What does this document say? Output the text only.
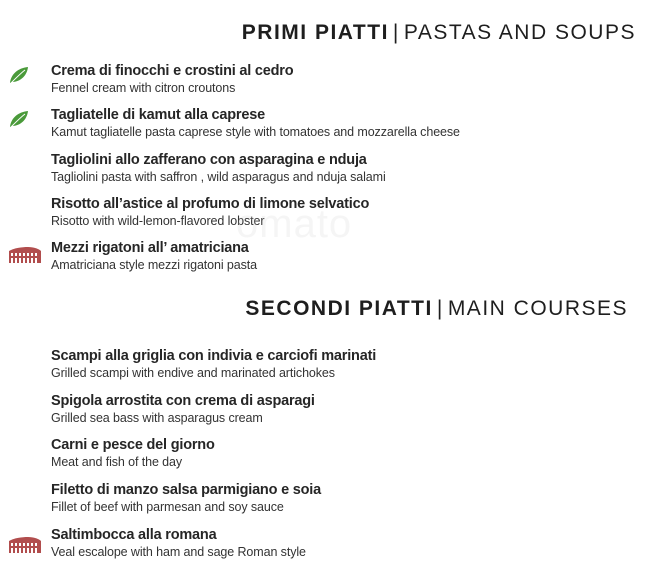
PRIMI PIATTI | PASTAS AND SOUPS
Crema di finocchi e crostini al cedro
Fennel cream with citron croutons
Tagliatelle di kamut alla caprese
Kamut tagliatelle pasta caprese style with tomatoes and mozzarella cheese
Tagliolini allo zafferano con asparagina e nduja
Tagliolini pasta with saffron , wild asparagus and nduja salami
Risotto all’astice al profumo di limone selvatico
Risotto with wild-lemon-flavored lobster
Mezzi rigatoni all’ amatriciana
Amatriciana style mezzi rigatoni pasta
omato
SECONDI PIATTI | MAIN COURSES
Scampi alla griglia con indivia e carciofi marinati
Grilled scampi with endive and marinated artichokes
Spigola arrostita con crema di asparagi
Grilled sea bass with asparagus cream
Carni e pesce del giorno
Meat and fish of the day
Filetto di manzo salsa parmigiano e soia
Fillet of beef with parmesan and soy sauce
Saltimbocca alla romana
Veal escalope with ham and sage Roman style
